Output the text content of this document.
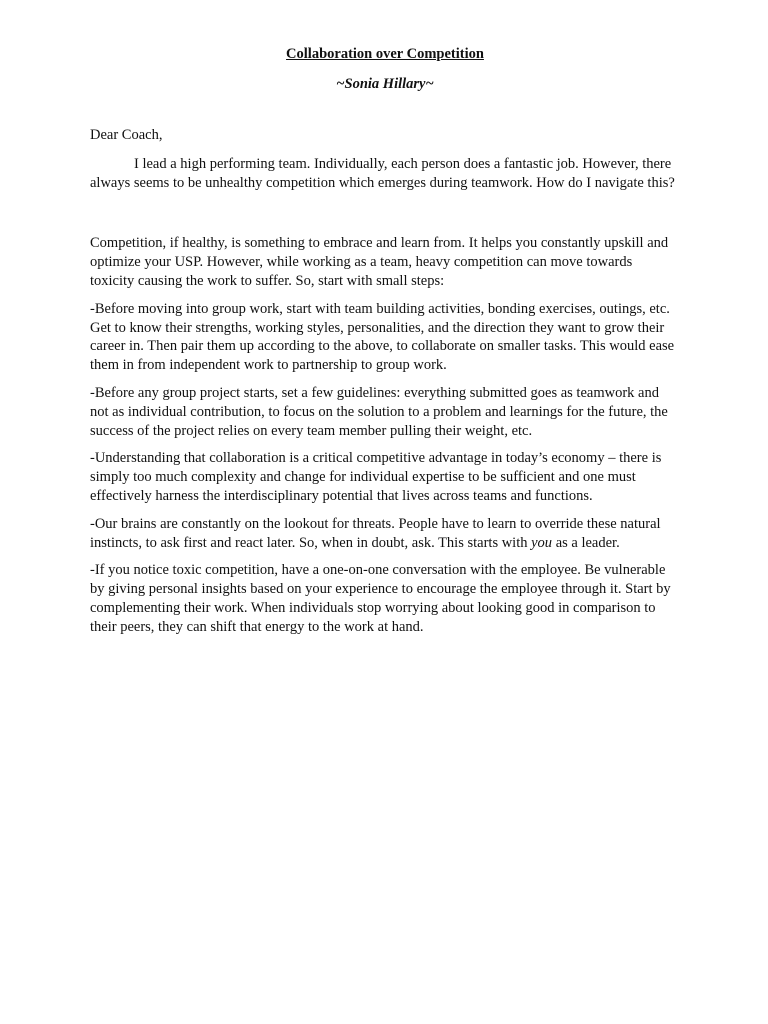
Collaboration over Competition
~Sonia Hillary~

Dear Coach,

I lead a high performing team. Individually, each person does a fantastic job. However, there always seems to be unhealthy competition which emerges during teamwork. How do I navigate this?

Competition, if healthy, is something to embrace and learn from. It helps you constantly upskill and optimize your USP. However, while working as a team, heavy competition can move towards toxicity causing the work to suffer. So, start with small steps:

-Before moving into group work, start with team building activities, bonding exercises, outings, etc. Get to know their strengths, working styles, personalities, and the direction they want to grow their career in. Then pair them up according to the above, to collaborate on smaller tasks. This would ease them in from independent work to partnership to group work.

-Before any group project starts, set a few guidelines: everything submitted goes as teamwork and not as individual contribution, to focus on the solution to a problem and learnings for the future, the success of the project relies on every team member pulling their weight, etc.

-Understanding that collaboration is a critical competitive advantage in today’s economy – there is simply too much complexity and change for individual expertise to be sufficient and one must effectively harness the interdisciplinary potential that lives across teams and functions.

-Our brains are constantly on the lookout for threats. People have to learn to override these natural instincts, to ask first and react later. So, when in doubt, ask. This starts with you as a leader.

-If you notice toxic competition, have a one-on-one conversation with the employee. Be vulnerable by giving personal insights based on your experience to encourage the employee through it. Start by complementing their work. When individuals stop worrying about looking good in comparison to their peers, they can shift that energy to the work at hand.
